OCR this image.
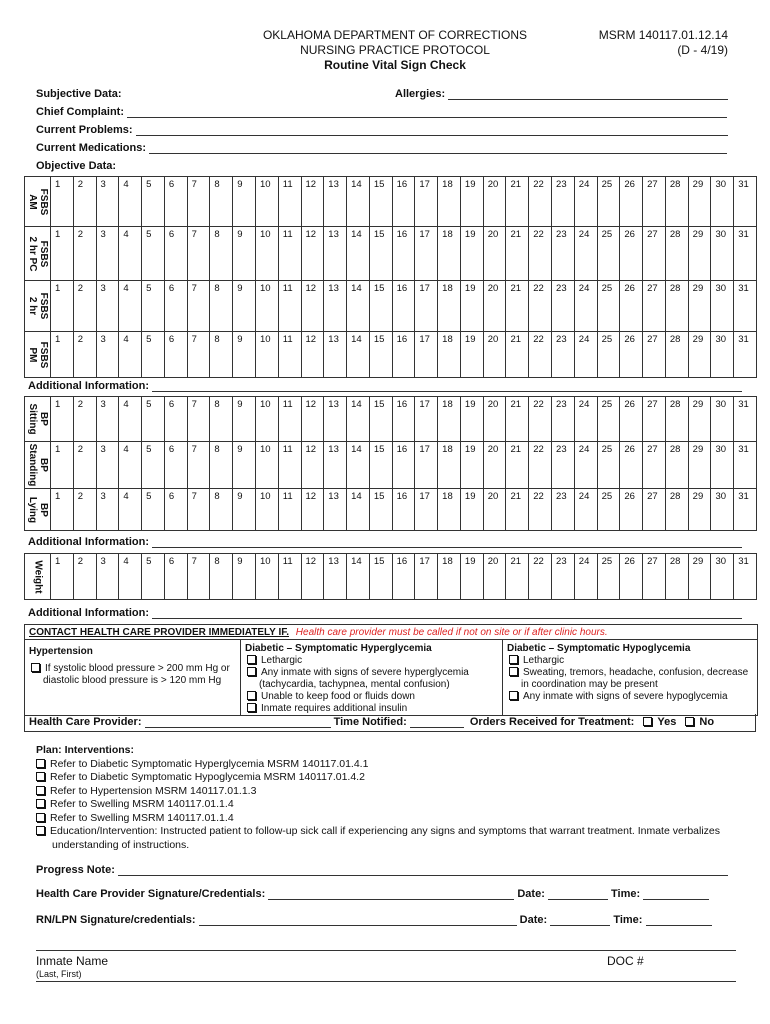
OKLAHOMA DEPARTMENT OF CORRECTIONS
NURSING PRACTICE PROTOCOL
Routine Vital Sign Check
MSRM 140117.01.12.14
(D - 4/19)
Subjective Data:	Allergies:
Chief Complaint:
Current Problems:
Current Medications:
Objective Data:
FSBS
AM
1	2	3	4	5	6	7	8	9	10	11	12	13	14	15	16	17	18	19	20	21	22	23	24	25	26	27	28	29	30	31
FSBS
2 hr PC
1	2	3	4	5	6	7	8	9	10	11	12	13	14	15	16	17	18	19	20	21	22	23	24	25	26	27	28	29	30	31
FSBS
2 hr
1	2	3	4	5	6	7	8	9	10	11	12	13	14	15	16	17	18	19	20	21	22	23	24	25	26	27	28	29	30	31
FSBS
PM
1	2	3	4	5	6	7	8	9	10	11	12	13	14	15	16	17	18	19	20	21	22	23	24	25	26	27	28	29	30	31
Additional Information:
BP
Sitting	1	2	3	4	5	6	7	8	9	10	11	12	13	14	15	16	17	18	19	20	21	22	23	24	25	26	27	28	29	30	31
BP
Standing	1	2	3	4	5	6	7	8	9	10	11	12	13	14	15	16	17	18	19	20	21	22	23	24	25	26	27	28	29	30	31
BP
Lying	1	2	3	4	5	6	7	8	9	10	11	12	13	14	15	16	17	18	19	20	21	22	23	24	25	26	27	28	29	30	31
Additional Information:
Weight	1	2	3	4	5	6	7	8	9	10	11	12	13	14	15	16	17	18	19	20	21	22	23	24	25	26	27	28	29	30	31
Additional Information:
CONTACT HEALTH CARE PROVIDER IMMEDIATELY IF. Health care provider must be called if not on site or if after clinic hours.
Hypertension
If systolic blood pressure > 200 mm Hg or diastolic blood pressure is > 120 mm Hg
Diabetic – Symptomatic Hyperglycemia
Lethargic
Any inmate with signs of severe hyperglycemia (tachycardia, tachypnea, mental confusion)
Unable to keep food or fluids down
Inmate requires additional insulin
Diabetic – Symptomatic Hypoglycemia
Lethargic
Sweating, tremors, headache, confusion, decrease in coordination may be present
Any inmate with signs of severe hypoglycemia
Health Care Provider:	Time Notified:	Orders Received for Treatment: Yes No
Plan: Interventions:
Refer to Diabetic Symptomatic Hyperglycemia MSRM 140117.01.4.1
Refer to Diabetic Symptomatic Hypoglycemia MSRM 140117.01.4.2
Refer to Hypertension MSRM 140117.01.1.3
Refer to Swelling MSRM 140117.01.1.4
Refer to Swelling MSRM 140117.01.1.4
Education/Intervention: Instructed patient to follow-up sick call if experiencing any signs and symptoms that warrant treatment. Inmate verbalizes understanding of instructions.
Progress Note:
Health Care Provider Signature/Credentials:	Date:	Time:
RN/LPN Signature/credentials:	Date:	Time:
Inmate Name
(Last, First)
DOC #
